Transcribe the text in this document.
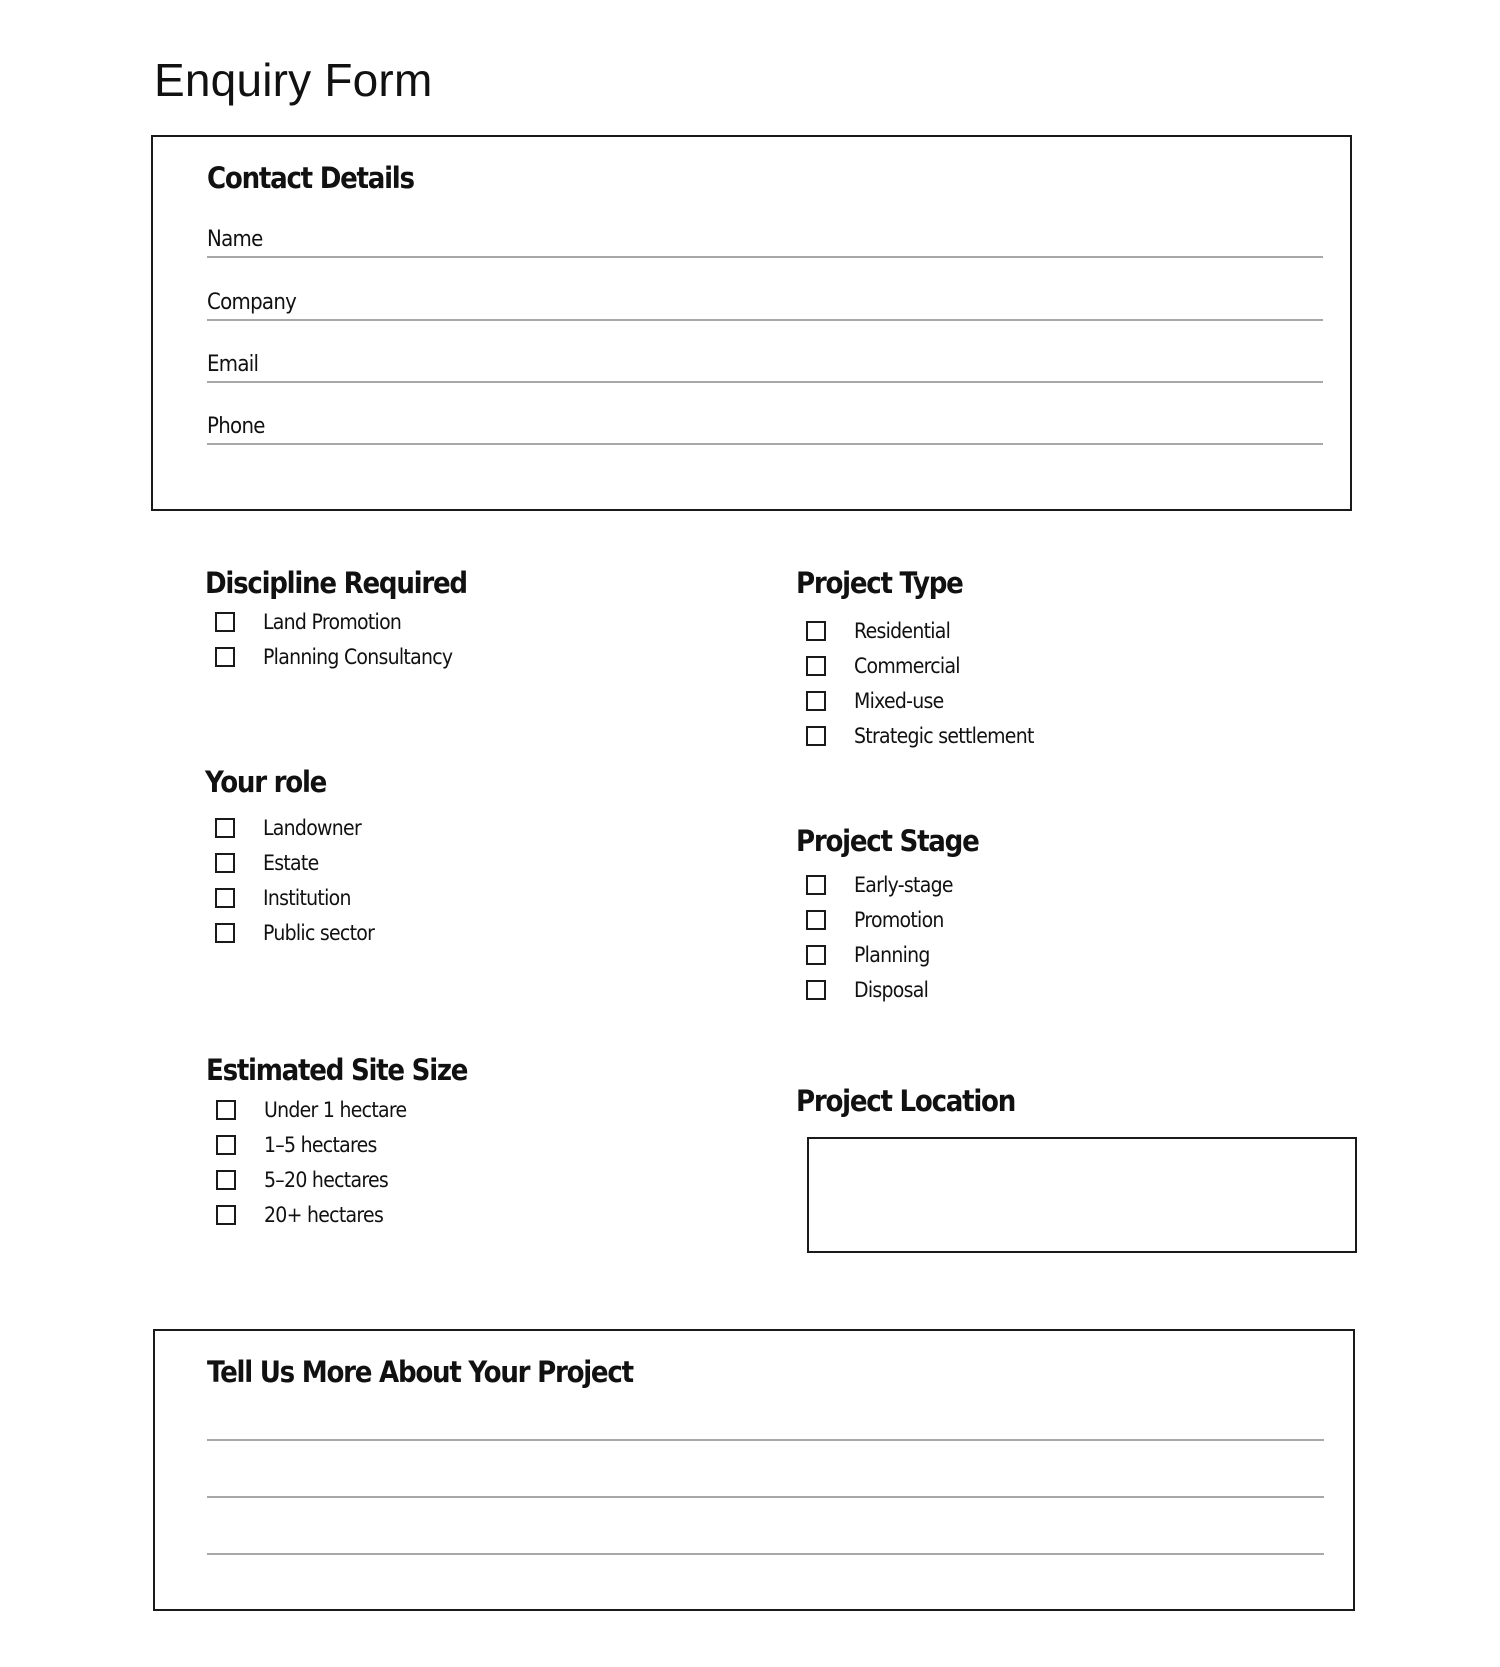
Enquiry Form
Contact Details
Name
Company
Email
Phone
Discipline Required
Land Promotion
Planning Consultancy
Your role
Landowner
Estate
Institution
Public sector
Estimated Site Size
Under 1 hectare
1–5 hectares
5–20 hectares
20+ hectares
Project Type
Residential
Commercial
Mixed-use
Strategic settlement
Project Stage
Early-stage
Promotion
Planning
Disposal
Project Location
Tell Us More About Your Project
